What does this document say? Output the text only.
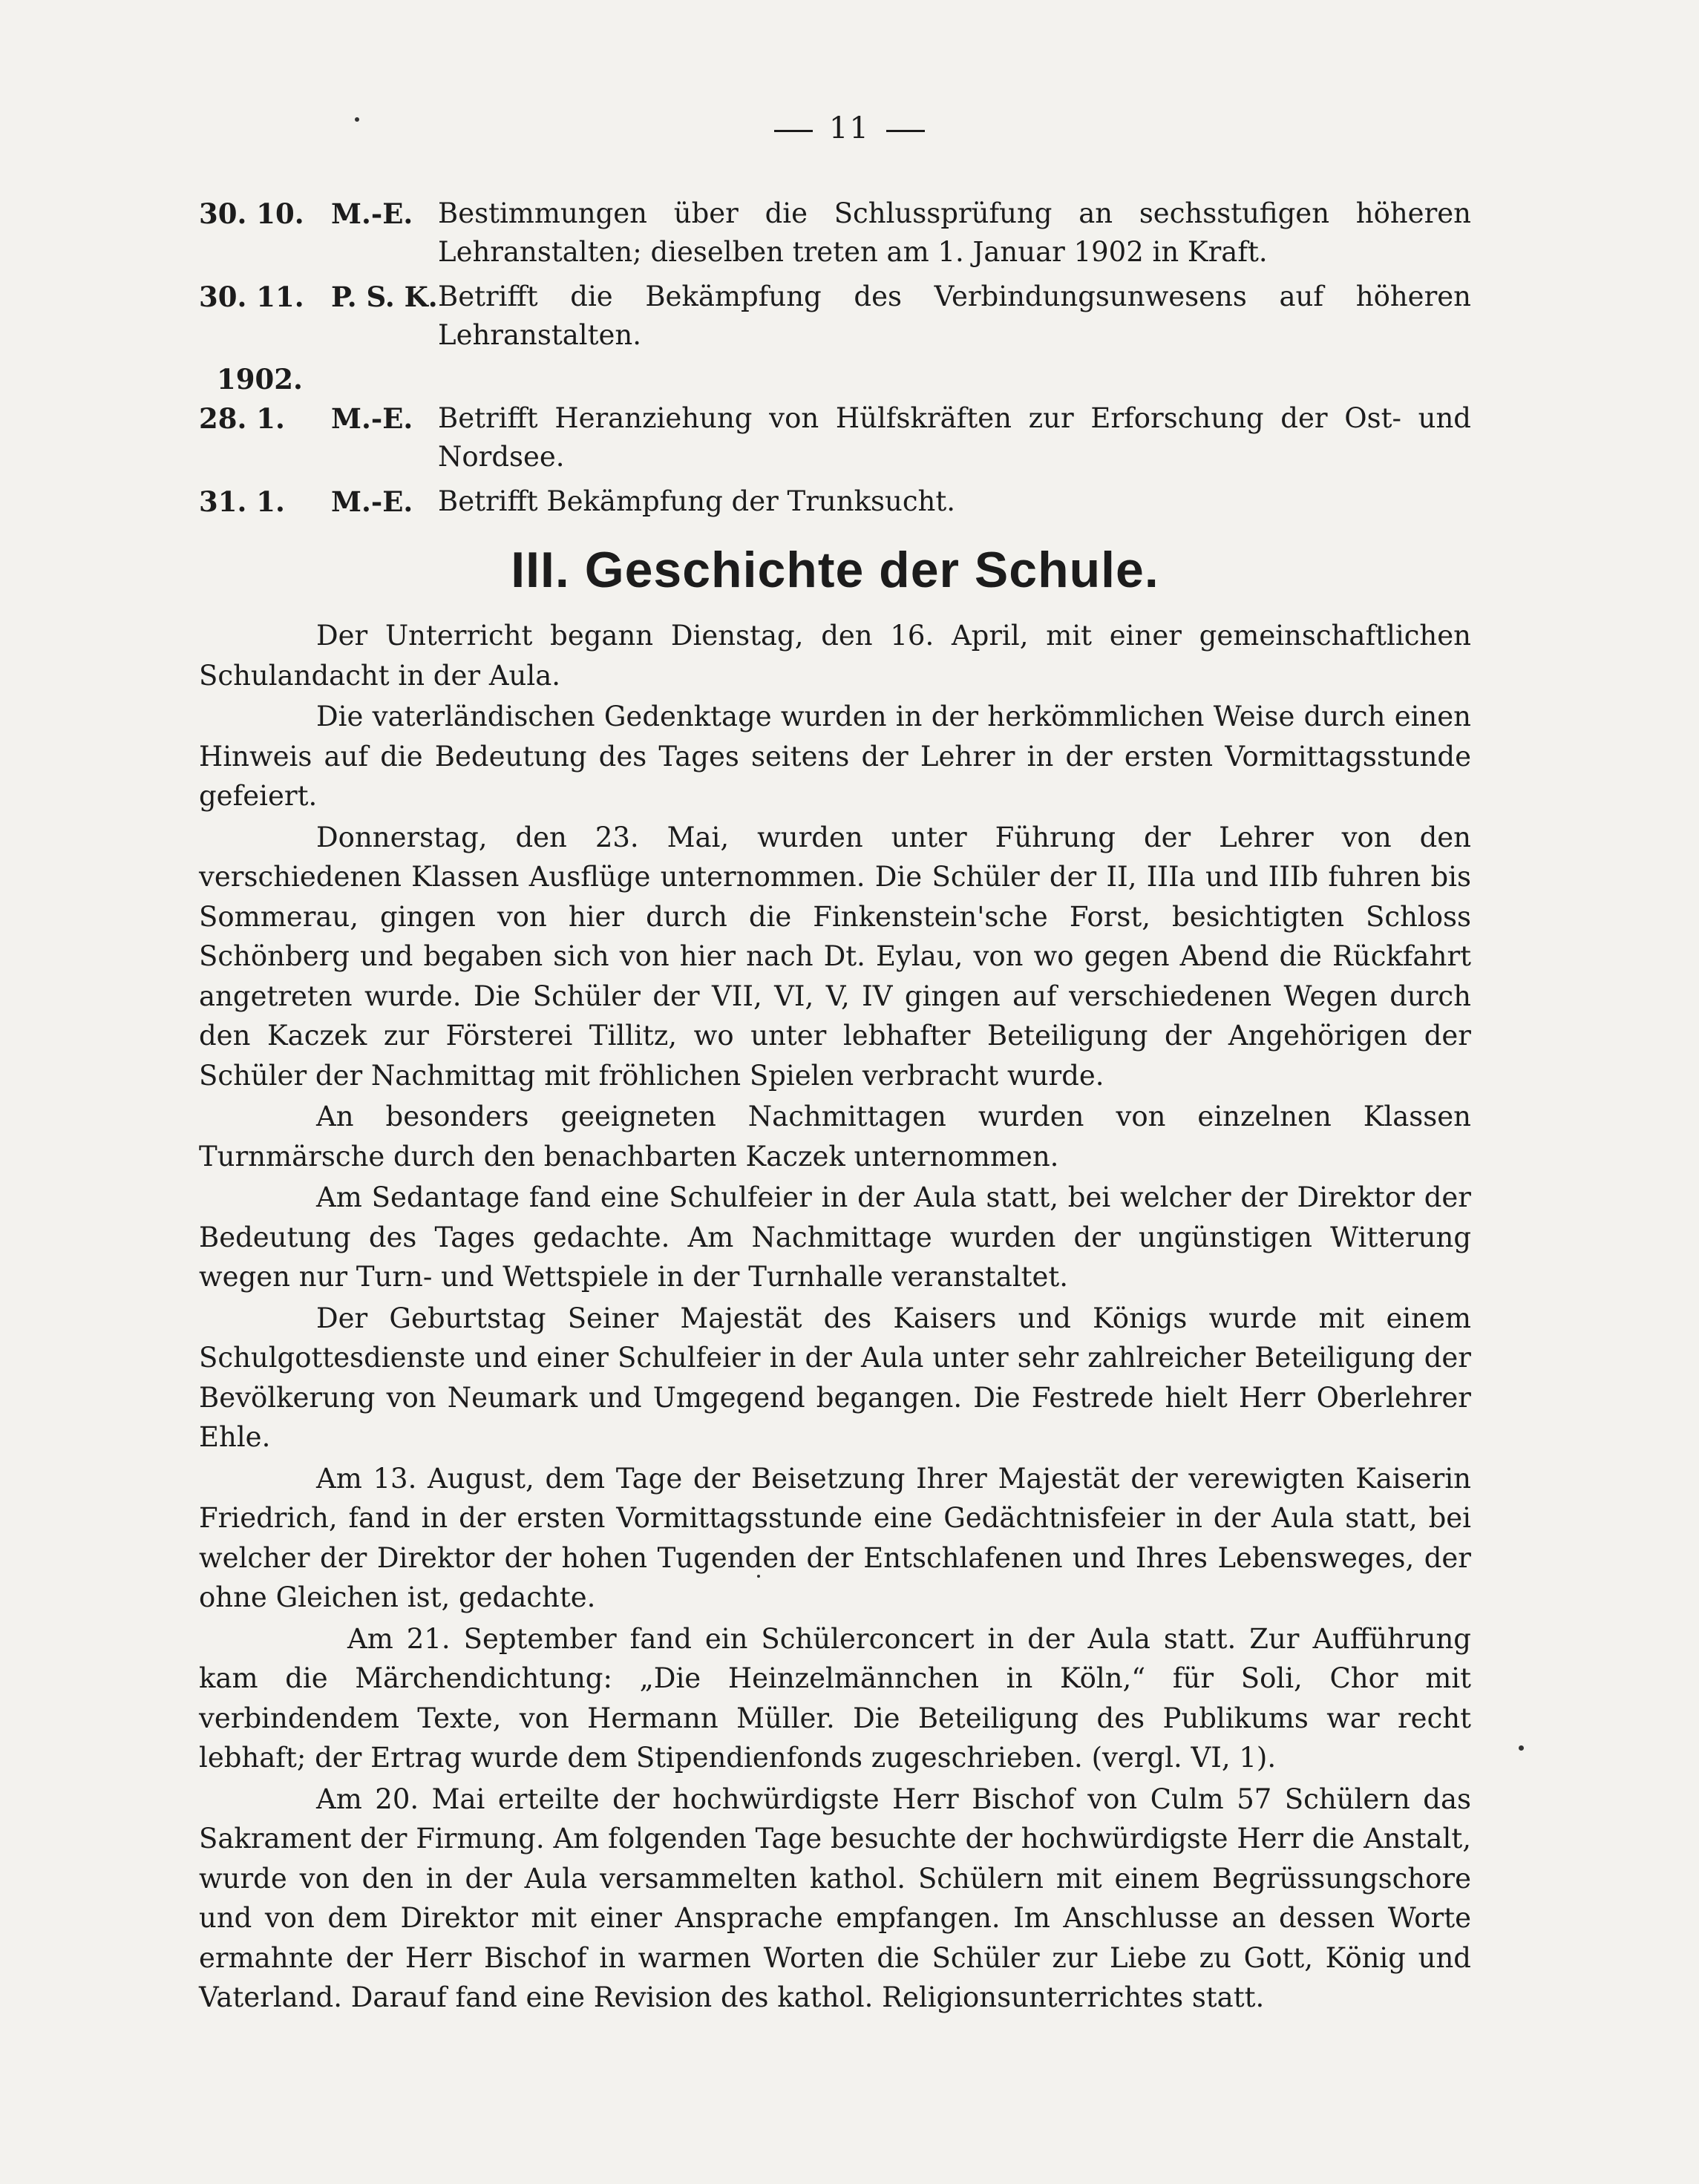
11
30. 10. M.-E. Bestimmungen über die Schlussprüfung an sechsstufigen höheren Lehranstalten; dieselben treten am 1. Januar 1902 in Kraft.
30. 11. P. S. K. Betrifft die Bekämpfung des Verbindungsunwesens auf höheren Lehranstalten.
1902.
28. 1.	M.-E. Betrifft Heranziehung von Hülfskräften zur Erforschung der Ost- und Nordsee.
31. 1.	M.-E. Betrifft Bekämpfung der Trunksucht.
III. Geschichte der Schule.

Der Unterricht begann Dienstag, den 16. April, mit einer gemeinschaftlichen Schulandacht in der Aula.

Die vaterländischen Gedenktage wurden in der herkömmlichen Weise durch einen Hinweis auf die Bedeutung des Tages seitens der Lehrer in der ersten Vormittagsstunde gefeiert.

Donnerstag, den 23. Mai, wurden unter Führung der Lehrer von den verschiedenen Klassen Ausflüge unternommen. Die Schüler der II, IIIa und IIIb fuhren bis Sommerau, gingen von hier durch die Finkenstein'sche Forst, besichtigten Schloss Schönberg und begaben sich von hier nach Dt. Eylau, von wo gegen Abend die Rückfahrt angetreten wurde. Die Schüler der VII, VI, V, IV gingen auf verschiedenen Wegen durch den Kaczek zur Försterei Tillitz, wo unter lebhafter Beteiligung der Angehörigen der Schüler der Nachmittag mit fröhlichen Spielen verbracht wurde.

An besonders geeigneten Nachmittagen wurden von einzelnen Klassen Turnmärsche durch den benachbarten Kaczek unternommen.

Am Sedantage fand eine Schulfeier in der Aula statt, bei welcher der Direktor der Bedeutung des Tages gedachte. Am Nachmittage wurden der ungünstigen Witterung wegen nur Turn- und Wettspiele in der Turnhalle veranstaltet.

Der Geburtstag Seiner Majestät des Kaisers und Königs wurde mit einem Schulgottesdienste und einer Schulfeier in der Aula unter sehr zahlreicher Beteiligung der Bevölkerung von Neumark und Umgegend begangen. Die Festrede hielt Herr Oberlehrer Ehle.

Am 13. August, dem Tage der Beisetzung Ihrer Majestät der verewigten Kaiserin Friedrich, fand in der ersten Vormittagsstunde eine Gedächtnisfeier in der Aula statt, bei welcher der Direktor der hohen Tugenden der Entschlafenen und Ihres Lebensweges, der ohne Gleichen ist, gedachte.

Am 21. September fand ein Schülerconcert in der Aula statt. Zur Aufführung kam die Märchendichtung: „Die Heinzelmännchen in Köln,“ für Soli, Chor mit verbindendem Texte, von Hermann Müller. Die Beteiligung des Publikums war recht lebhaft; der Ertrag wurde dem Stipendienfonds zugeschrieben. (vergl. VI, 1).

Am 20. Mai erteilte der hochwürdigste Herr Bischof von Culm 57 Schülern das Sakrament der Firmung. Am folgenden Tage besuchte der hochwürdigste Herr die Anstalt, wurde von den in der Aula versammelten kathol. Schülern mit einem Begrüssungschore und von dem Direktor mit einer Ansprache empfangen. Im Anschlusse an dessen Worte ermahnte der Herr Bischof in warmen Worten die Schüler zur Liebe zu Gott, König und Vaterland. Darauf fand eine Revision des kathol. Religionsunterrichtes statt.
